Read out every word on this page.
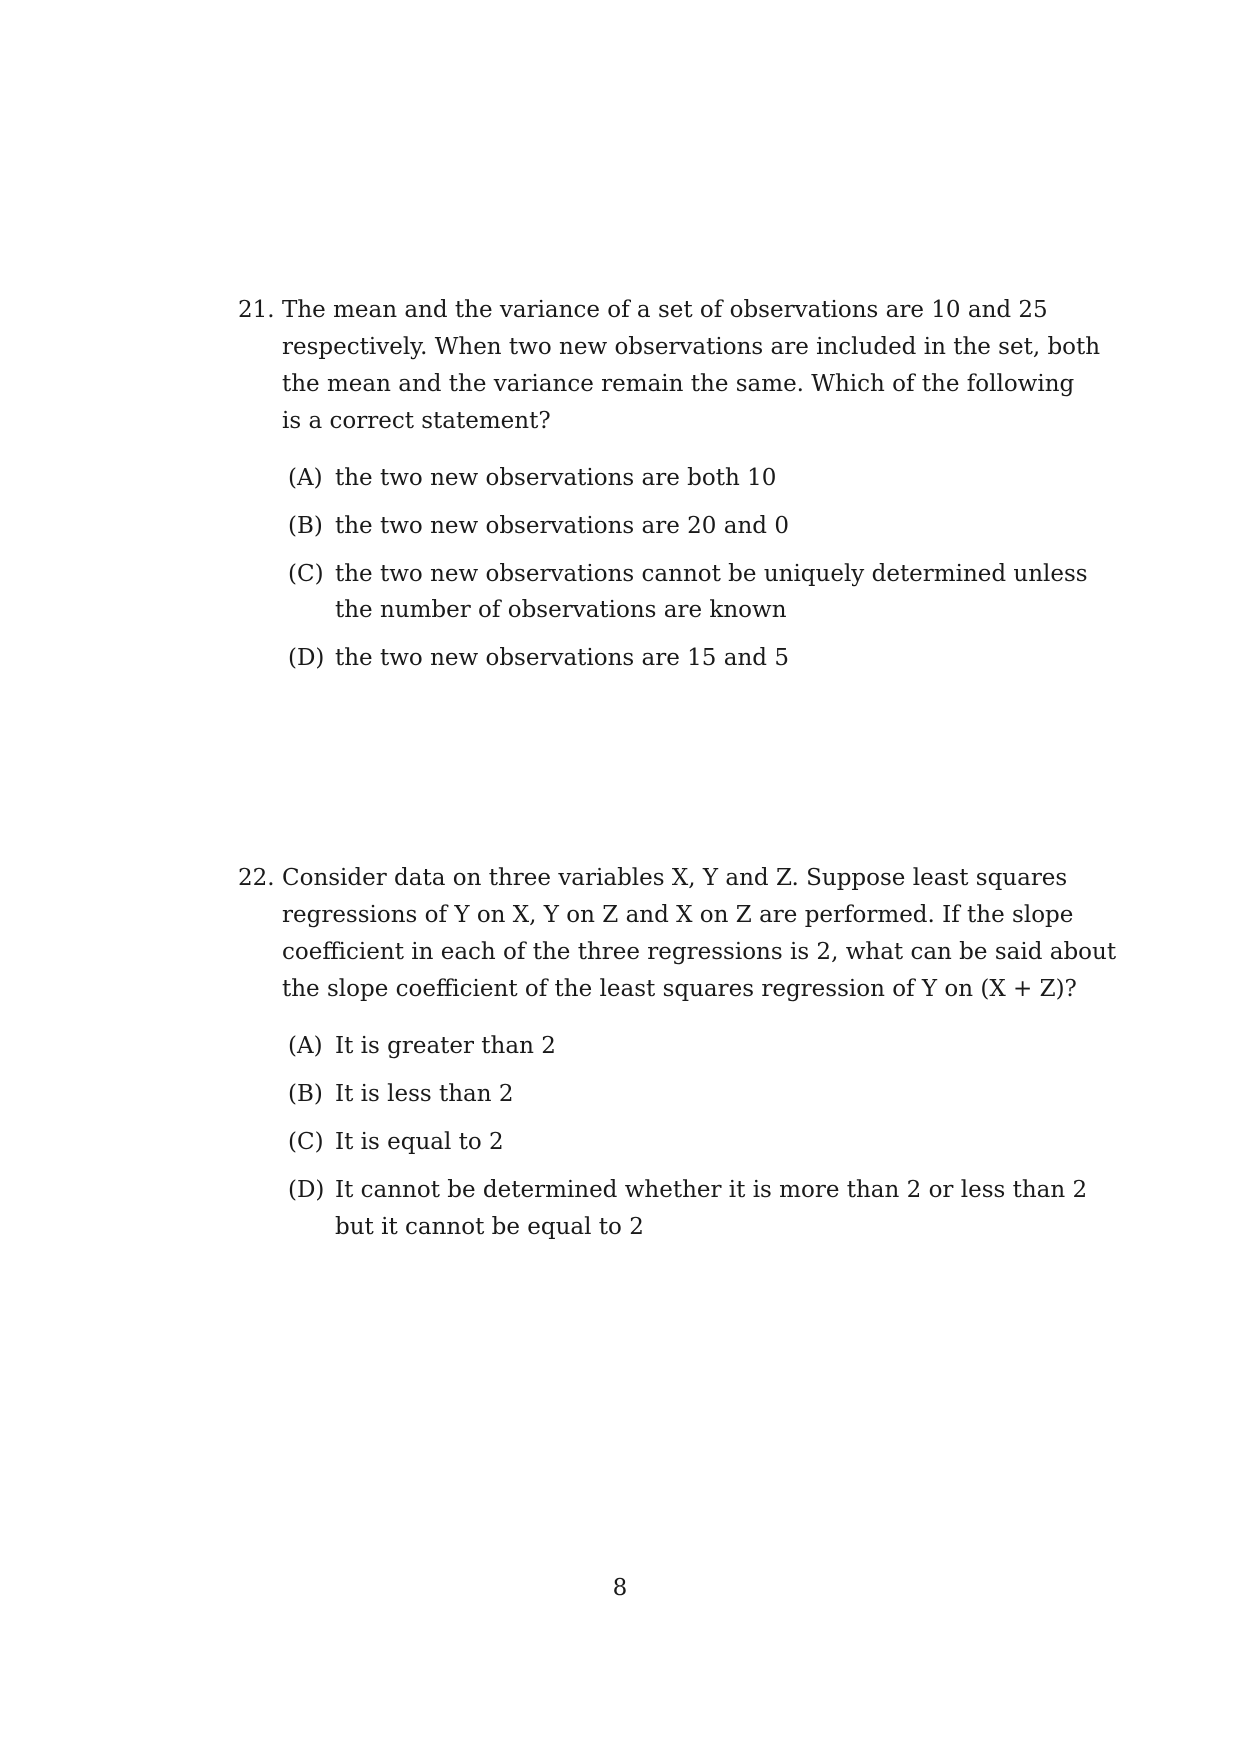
21. The mean and the variance of a set of observations are 10 and 25
respectively. When two new observations are included in the set, both
the mean and the variance remain the same. Which of the following
is a correct statement?
(A) the two new observations are both 10
(B) the two new observations are 20 and 0
(C) the two new observations cannot be uniquely determined unless
the number of observations are known
(D) the two new observations are 15 and 5
22. Consider data on three variables X, Y and Z. Suppose least squares
regressions of Y on X, Y on Z and X on Z are performed. If the slope
coefficient in each of the three regressions is 2, what can be said about
the slope coefficient of the least squares regression of Y on (X + Z)?
(A) It is greater than 2
(B) It is less than 2
(C) It is equal to 2
(D) It cannot be determined whether it is more than 2 or less than 2
but it cannot be equal to 2
8
